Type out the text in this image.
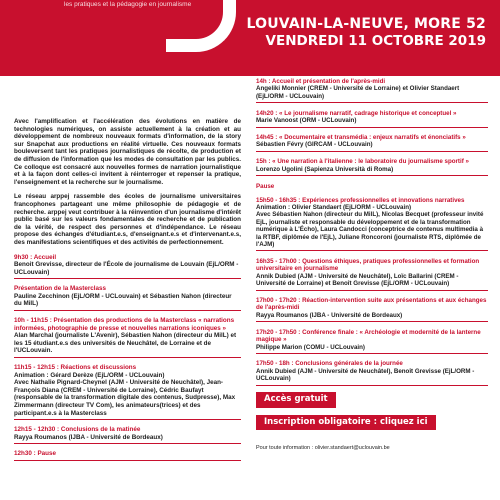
les pratiques et la pédagogie en journalisme
LOUVAIN-LA-NEUVE, MORE 52
VENDREDI 11 OCTOBRE 2019

Avec l'amplification et l'accélération des évolutions en matière de technologies numériques, on assiste actuellement à la création et au développement de nombreux nouveaux formats d'information, de la story sur Snapchat aux productions en réalité virtuelle. Ces nouveaux formats bouleversent tant les pratiques journalistiques de récolte, de production et de diffusion de l'information que les modes de consultation par les publics. Ce colloque est consacré aux nouvelles formes de narration journalistique et à la façon dont celles-ci invitent à réinterroger et repenser la pratique, l'enseignement et la recherche sur le journalisme.

Le réseau arppej rassemble des écoles de journalisme universitaires francophones partageant une même philosophie de pédagogie et de recherche. arppej veut contribuer à la réinvention d'un journalisme d'intérêt public basé sur les valeurs fondamentales de recherche et de publication de la vérité, de respect des personnes et d'indépendance. Le réseau propose des échanges d'étudiant.e.s, d'enseignant.e.s et d'intervenant.e.s, des manifestations scientifiques et des activités de perfectionnement.

9h30 : Accueil
Benoit Grevisse, directeur de l'École de journalisme de Louvain (EjL/ORM - UCLouvain)
Présentation de la Masterclass
Pauline Zecchinon (EjL/ORM - UCLouvain) et Sébastien Nahon (directeur du MilL)
10h - 11h15 : Présentation des productions de la Masterclass « narrations informées, photographie de presse et nouvelles narrations iconiques »
Alan Marchal (journaliste L'Avenir), Sébastien Nahon (directeur du MilL) et les 15 étudiant.e.s des universités de Neuchâtel, de Lorraine et de l'UCLouvain.
11h15 - 12h15 : Réactions et discussions
Animation : Gérard Derèze (EjL/ORM - UCLouvain)
Avec Nathalie Pignard-Cheynel (AJM - Université de Neuchâtel), Jean-François Diana (CREM - Université de Lorraine), Cédric Baufayt (responsable de la transformation digitale des contenus, Sudpresse), Max Zimmermann (directeur TV Com), les animateurs(trices) et des participant.e.s à la Masterclass
12h15 - 12h30 : Conclusions de la matinée
Rayya Roumanos (IJBA - Université de Bordeaux)
12h30 : Pause
14h : Accueil et présentation de l'après-midi
Angeliki Monnier (CREM - Université de Lorraine) et Olivier Standaert (EjL/ORM - UCLouvain)
14h20 : « Le journalisme narratif, cadrage historique et conceptuel »
Marie Vanoost (ORM - UCLouvain)
14h45 : « Documentaire et transmédia : enjeux narratifs et énonciatifs »
Sébastien Févry (GIRCAM - UCLouvain)
15h : « Une narration à l'italienne : le laboratoire du journalisme sportif »
Lorenzo Ugolini (Sapienza Università di Roma)
Pause
15h50 - 16h35 : Expériences professionnelles et innovations narratives
Animation : Olivier Standaert (EjL/ORM - UCLouvain)
Avec Sébastien Nahon (directeur du MilL), Nicolas Becquet (professeur invité EjL, journaliste et responsable du développement et de la transformation numérique à L'Écho), Laura Candocci (conceptrice de contenus multimedia à la RTBF, diplômée de l'EjL), Juliane Roncoroni (journaliste RTS, diplômée de l'AJM)
16h35 - 17h00 : Questions éthiques, pratiques professionnelles et formation universitaire en journalisme
Annik Dubied (AJM - Université de Neuchâtel), Loïc Ballarini (CREM - Université de Lorraine) et Benoît Grevisse (EjL/ORM - UCLouvain)
17h00 - 17h20 : Réaction-intervention suite aux présentations et aux échanges de l'après-midi
Rayya Roumanos (IJBA - Université de Bordeaux)
17h20 - 17h50 : Conférence finale : « Archéologie et modernité de la lanterne magique »
Philippe Marion (COMU - UCLouvain)
17h50 - 18h : Conclusions générales de la journée
Annik Dubied (AJM - Université de Neuchâtel), Benoît Grevisse (EjL/ORM - UCLouvain)
Accès gratuit
Inscription obligatoire : cliquez ici
Pour toute information : olivier.standaert@uclouvain.be
